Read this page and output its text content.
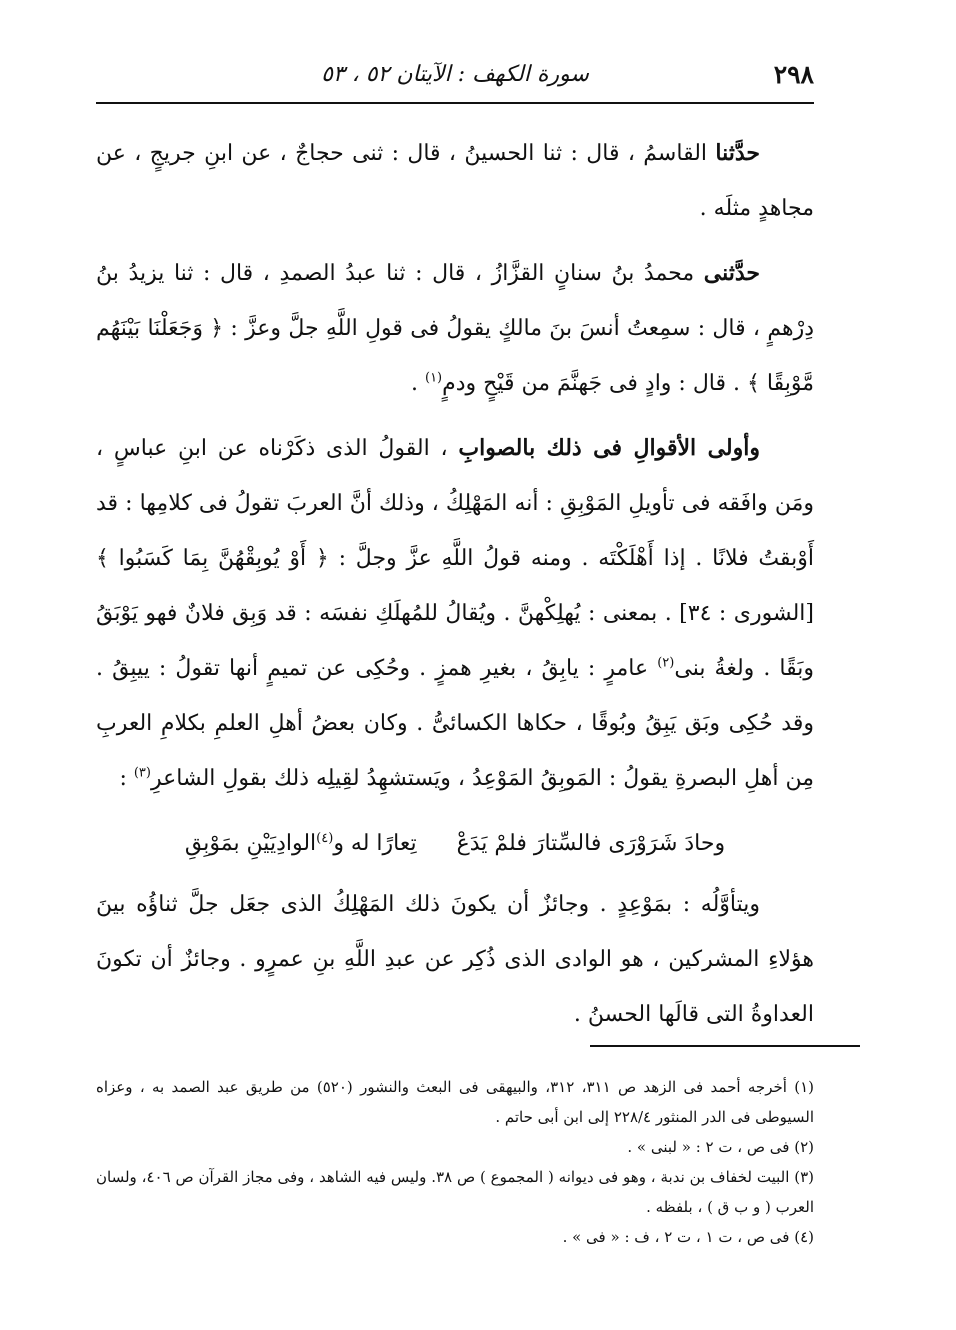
٢٩٨
سورة الكهف : الآيتان ٥٢ ، ٥٣

حدَّثنا القاسمُ ، قال : ثنا الحسينُ ، قال : ثنى حجاجٌ ، عن ابنِ جريجٍ ، عن مجاهدٍ مثلَه .

حدَّثنى محمدُ بنُ سنانٍ القزَّازُ ، قال : ثنا عبدُ الصمدِ ، قال : ثنا يزيدُ بنُ دِرْهمٍ ، قال : سمِعتُ أنسَ بنَ مالكٍ يقولُ فى قولِ اللَّهِ جلَّ وعزَّ : ﴿ وَجَعَلْنَا بَيْنَهُم مَّوْبِقًا ﴾ . قال : وادٍ فى جَهنَّمَ من قَيْحٍ ودمٍ$^{(١)}$ .

وأولى الأقوالِ فى ذلك بالصوابِ ، القولُ الذى ذكَرْناه عن ابنِ عباسٍ ، ومَن وافَقه فى تأويلِ المَوْبِقِ : أنه المَهْلِكُ ، وذلك أنَّ العربَ تقولُ فى كلامِها : قد أَوْبقتُ فلانًا . إذا أَهْلَكْتَه . ومنه قولُ اللَّهِ عزَّ وجلَّ : ﴿ أَوْ يُوبِقْهُنَّ بِمَا كَسَبُوا ﴾ [الشورى : ٣٤] . بمعنى : يُهلِكْهنَّ . ويُقالُ للمُهلَكِ نفسَه : قد وَبِق فلانٌ فهو يَوْبَقُ وبَقًا . ولغةُ بنى$^{(٢)}$ عامرٍ : يابِقُ ، بغيرِ همزٍ . وحُكِى عن تميمٍ أنها تقولُ : ييبِقُ . وقد حُكِى وبَق يَبِقُ وبُوقًا ، حكاها الكسائىُّ . وكان بعضُ أهلِ العلمِ بكلامِ العربِ مِن أهلِ البصرةِ يقولُ : المَوبِقُ المَوْعِدُ ، ويَستشهِدُ لقِيلِه ذلك بقولِ الشاعرِ$^{(٣)}$ :

وحادَ شَرَوْرَى فالسِّتارَ فلمْ يَدَعْتِعارًا له و(٤)الوادِيَيْنِ بمَوْبِقِ

ويتأوَّلُه : بمَوْعِدٍ . وجائزٌ أن يكونَ ذلك المَهْلِكُ الذى جعَل جلَّ ثناؤُه بينَ هؤلاءِ المشركين ، هو الوادى الذى ذُكِر عن عبدِ اللَّهِ بنِ عمرٍو . وجائزٌ أن تكونَ العداوةُ التى قالَها الحسنُ .

(١) أخرجه أحمد فى الزهد ص ٣١١، ٣١٢، والبيهقى فى البعث والنشور (٥٢٠) من طريق عبد الصمد به ، وعزاه السيوطى فى الدر المنثور ٢٢٨/٤ إلى ابن أبى حاتم .

(٢) فى ص ، ت ٢ : « لبنى » .

(٣) البيت لخفاف بن ندبة ، وهو فى ديوانه ( المجموع ) ص ٣٨. وليس فيه الشاهد ، وفى مجاز القرآن ص ٤٠٦، ولسان العرب ( و ب ق ) ، بلفظه .

(٤) فى ص ، ت ١ ، ت ٢ ، ف : « فى » .
